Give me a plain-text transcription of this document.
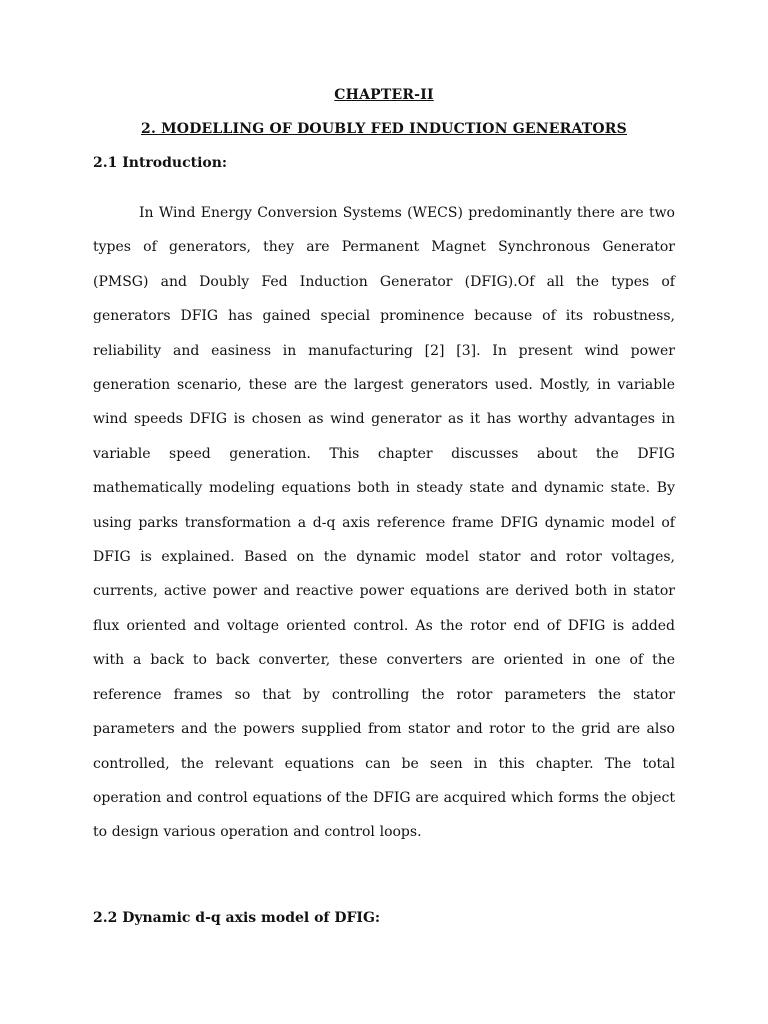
CHAPTER-II
2. MODELLING OF DOUBLY FED INDUCTION GENERATORS
2.1 Introduction:

In Wind Energy Conversion Systems (WECS) predominantly there are two types of generators, they are Permanent Magnet Synchronous Generator (PMSG) and Doubly Fed Induction Generator (DFIG).Of all the types of generators DFIG has gained special prominence because of its robustness, reliability and easiness in manufacturing [2] [3]. In present wind power generation scenario, these are the largest generators used. Mostly, in variable wind speeds DFIG is chosen as wind generator as it has worthy advantages in variable speed generation. This chapter discusses about the DFIG mathematically modeling equations both in steady state and dynamic state. By using parks transformation a d-q axis reference frame DFIG dynamic model of DFIG is explained. Based on the dynamic model stator and rotor voltages, currents, active power and reactive power equations are derived both in stator flux oriented and voltage oriented control. As the rotor end of DFIG is added with a back to back converter, these converters are oriented in one of the reference frames so that by controlling the rotor parameters the stator parameters and the powers supplied from stator and rotor to the grid are also controlled, the relevant equations can be seen in this chapter. The total operation and control equations of the DFIG are acquired which forms the object to design various operation and control loops.

2.2 Dynamic d-q axis model of DFIG:
